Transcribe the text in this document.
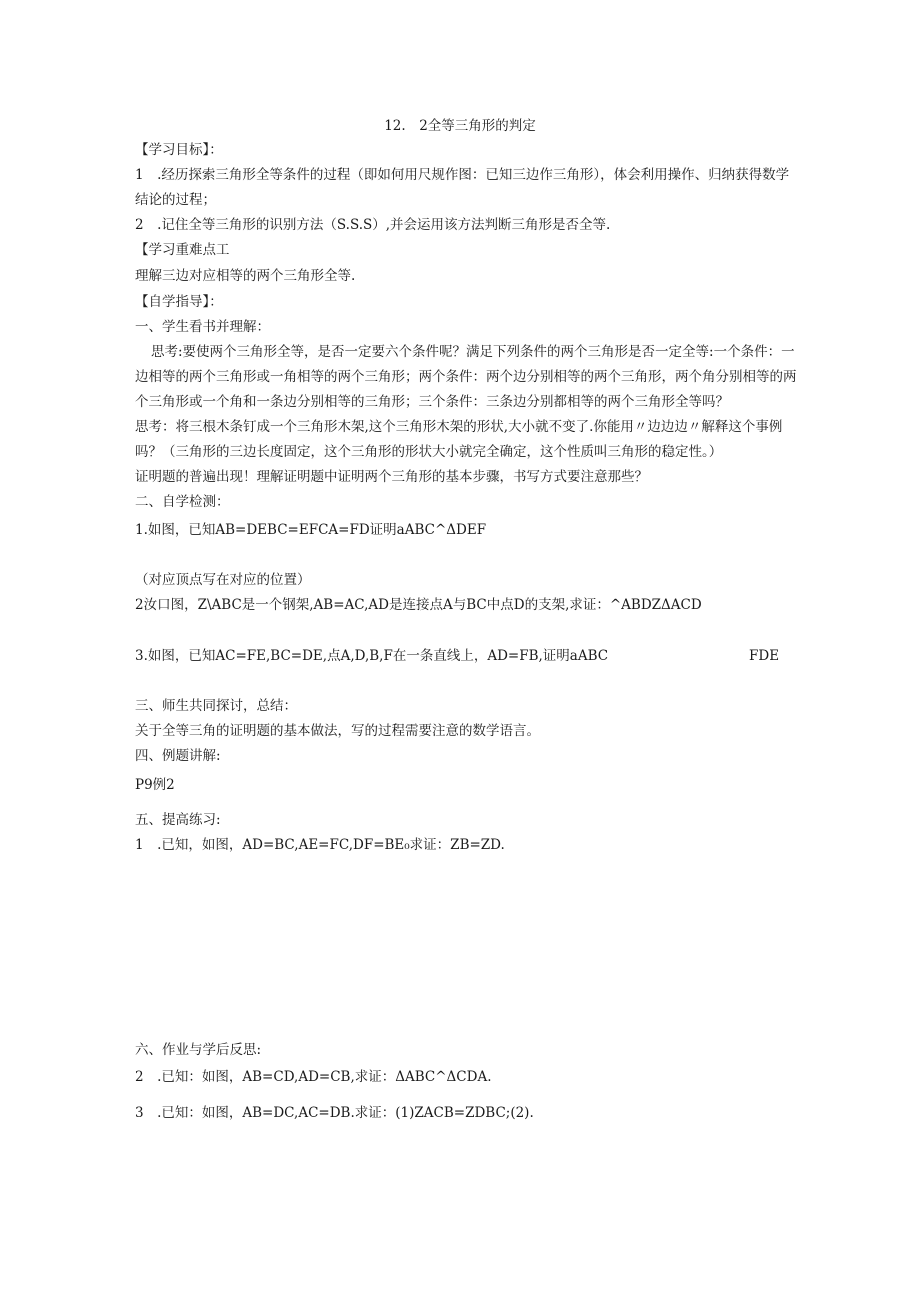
12.　2全等三角形的判定
【学习目标】：
1　.经历探索三角形全等条件的过程（即如何用尺规作图：已知三边作三角形），体会利用操作、归纳获得数学
结论的过程；
2　.记住全等三角形的识别方法（S.S.S）,并会运用该方法判断三角形是否全等.
【学习重难点工
理解三边对应相等的两个三角形全等.
【自学指导】：
一、学生看书并理解：
思考:要使两个三角形全等，是否一定要六个条件呢？满足下列条件的两个三角形是否一定全等:一个条件：一
边相等的两个三角形或一角相等的两个三角形；两个条件：两个边分别相等的两个三角形，两个角分别相等的两
个三角形或一个角和一条边分别相等的三角形；三个条件：三条边分别都相等的两个三角形全等吗？
思考：将三根木条钉成一个三角形木架,这个三角形木架的形状,大小就不变了.你能用〃边边边〃解释这个事例
吗？（三角形的三边长度固定，这个三角形的形状大小就完全确定，这个性质叫三角形的稳定性。）
证明题的普遍出现！理解证明题中证明两个三角形的基本步骤，书写方式要注意那些？
二、自学检测：
1.如图，已知AB=DEBC=EFCA=FD证明aABC^ΔDEF
（对应顶点写在对应的位置）
2汝口图，Z\ABC是一个钢架,AB=AC,AD是连接点A与BC中点D的支架,求证：^ABDZΔACD
3.如图，已知AC=FE,BC=DE,点A,D,B,F在一条直线上，AD=FB,证明aABC	FDE
三、师生共同探讨，总结：
关于全等三角的证明题的基本做法，写的过程需要注意的数学语言。
四、例题讲解:
P9例2
五、提高练习:
1　.已知，如图，AD=BC,AE=FC,DF=BE₀求证：ZB=ZD.
六、作业与学后反思:
2　.已知：如图，AB=CD,AD=CB,求证：ΔABC^ΔCDA.
3　.已知：如图，AB=DC,AC=DB.求证：(1)ZACB=ZDBC;(2).
